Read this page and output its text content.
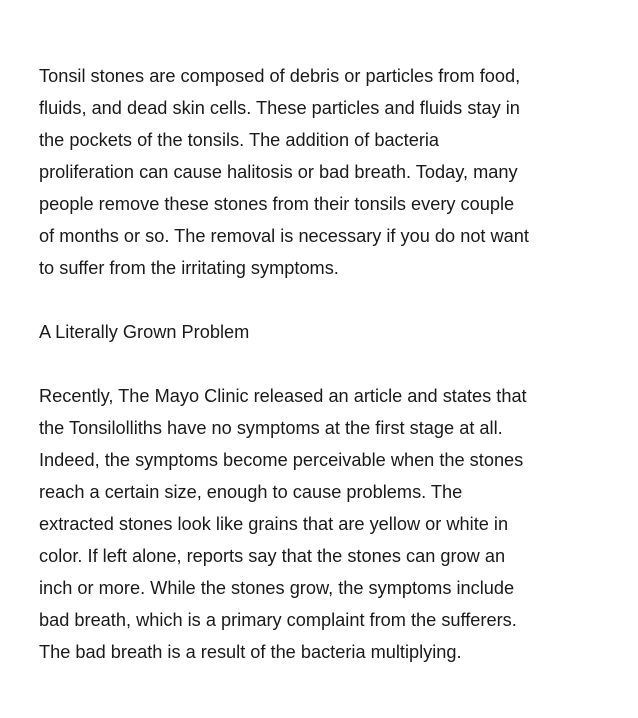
Tonsil stones are composed of debris or particles from food,
fluids, and dead skin cells. These particles and fluids stay in
the pockets of the tonsils. The addition of bacteria
proliferation can cause halitosis or bad breath. Today, many
people remove these stones from their tonsils every couple
of months or so. The removal is necessary if you do not want
to suffer from the irritating symptoms.
A Literally Grown Problem
Recently, The Mayo Clinic released an article and states that
the Tonsilolliths have no symptoms at the first stage at all.
Indeed, the symptoms become perceivable when the stones
reach a certain size, enough to cause problems. The
extracted stones look like grains that are yellow or white in
color. If left alone, reports say that the stones can grow an
inch or more. While the stones grow, the symptoms include
bad breath, which is a primary complaint from the sufferers.
The bad breath is a result of the bacteria multiplying.
